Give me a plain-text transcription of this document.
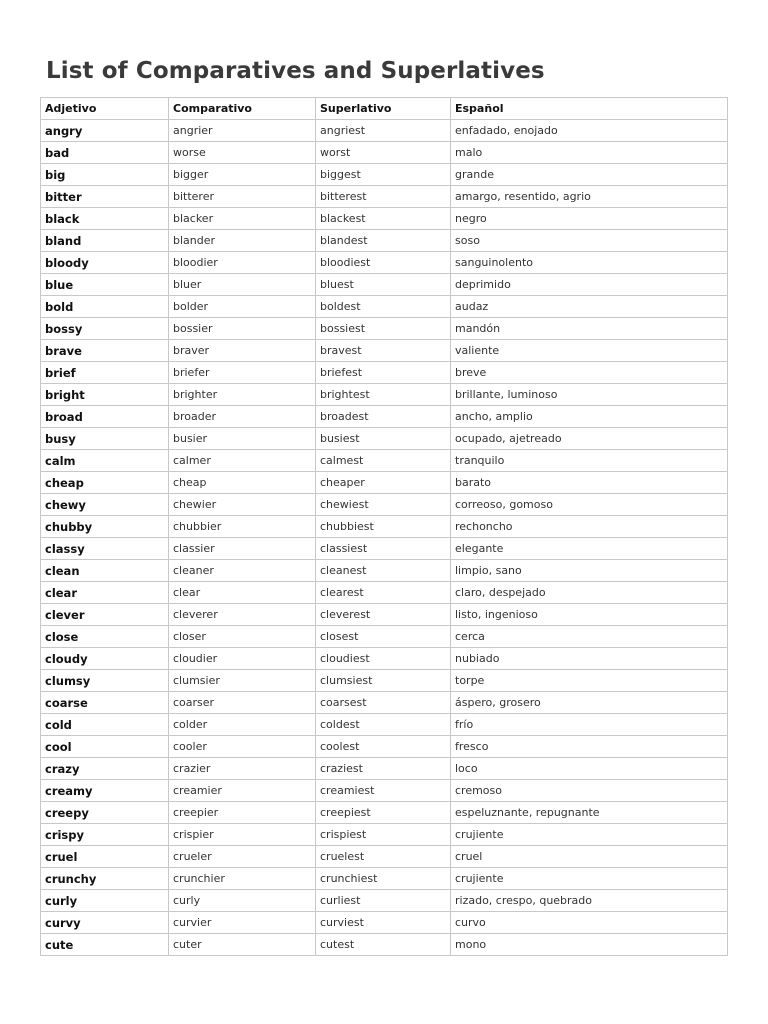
List of Comparatives and Superlatives
Adjetivo	Comparativo	Superlativo	Español
angry	angrier	angriest	enfadado, enojado
bad	worse	worst	malo
big	bigger	biggest	grande
bitter	bitterer	bitterest	amargo, resentido, agrio
black	blacker	blackest	negro
bland	blander	blandest	soso
bloody	bloodier	bloodiest	sanguinolento
blue	bluer	bluest	deprimido
bold	bolder	boldest	audaz
bossy	bossier	bossiest	mandón
brave	braver	bravest	valiente
brief	briefer	briefest	breve
bright	brighter	brightest	brillante, luminoso
broad	broader	broadest	ancho, amplio
busy	busier	busiest	ocupado, ajetreado
calm	calmer	calmest	tranquilo
cheap	cheap	cheaper	barato
chewy	chewier	chewiest	correoso, gomoso
chubby	chubbier	chubbiest	rechoncho
classy	classier	classiest	elegante
clean	cleaner	cleanest	limpio, sano
clear	clear	clearest	claro, despejado
clever	cleverer	cleverest	listo, ingenioso
close	closer	closest	cerca
cloudy	cloudier	cloudiest	nubiado
clumsy	clumsier	clumsiest	torpe
coarse	coarser	coarsest	áspero, grosero
cold	colder	coldest	frío
cool	cooler	coolest	fresco
crazy	crazier	craziest	loco
creamy	creamier	creamiest	cremoso
creepy	creepier	creepiest	espeluznante, repugnante
crispy	crispier	crispiest	crujiente
cruel	crueler	cruelest	cruel
crunchy	crunchier	crunchiest	crujiente
curly	curly	curliest	rizado, crespo, quebrado
curvy	curvier	curviest	curvo
cute	cuter	cutest	mono
